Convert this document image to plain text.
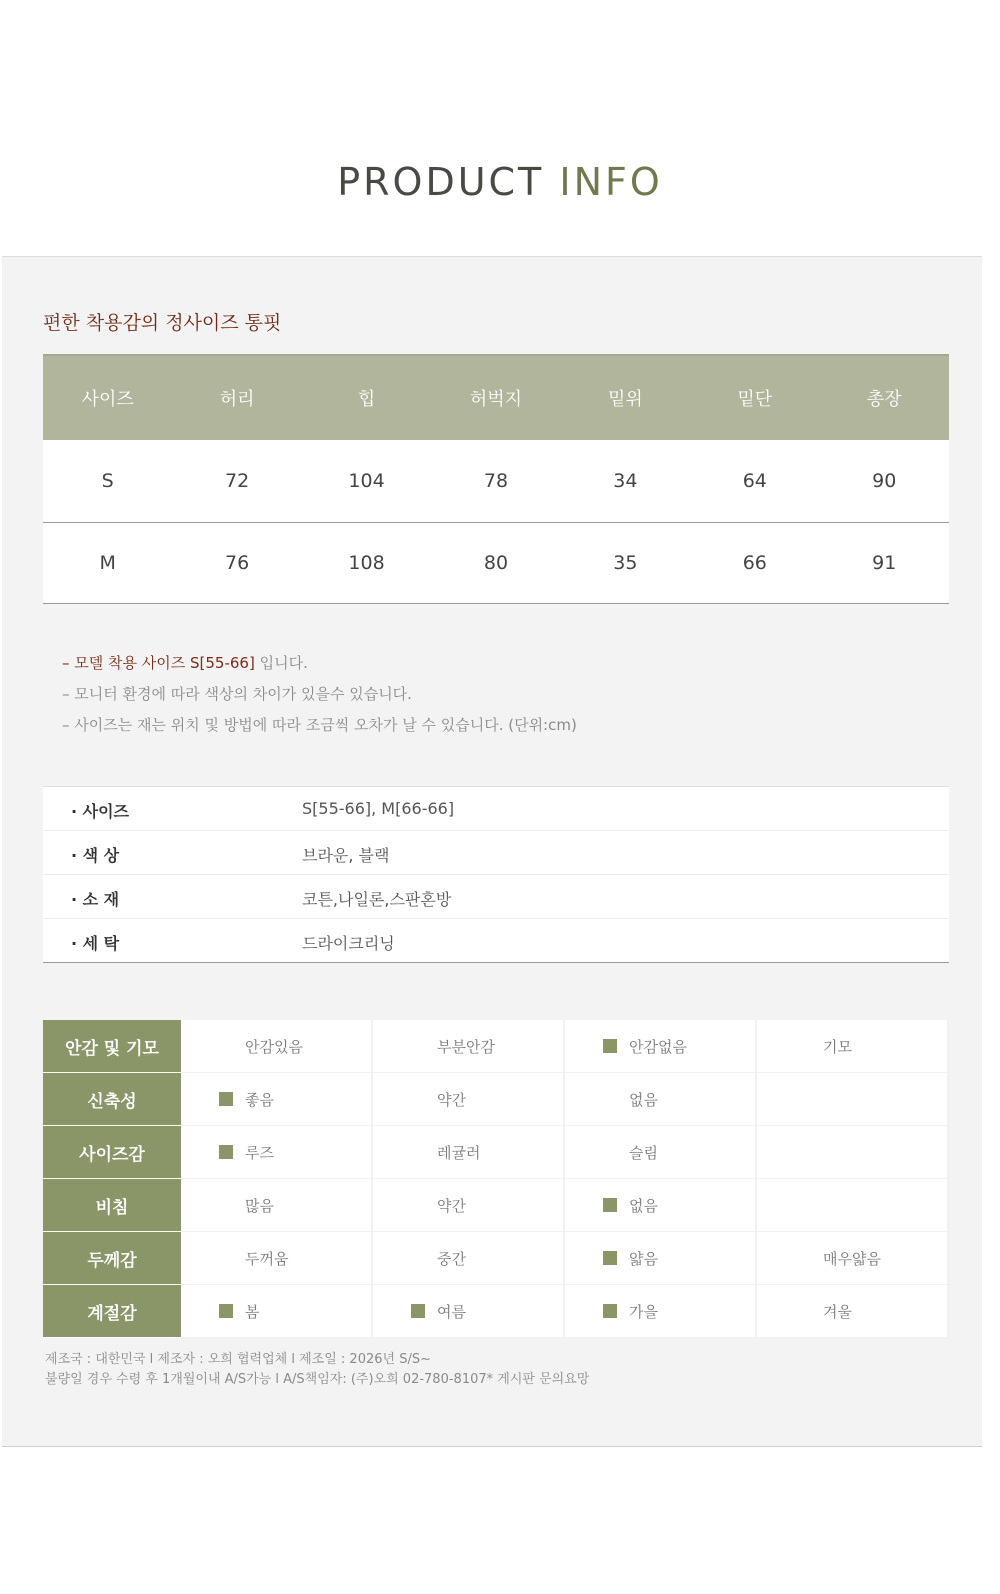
PRODUCT INFO
편한 착용감의 정사이즈 통핏
사이즈	허리	힙	허벅지	밑위	밑단	총장
S	72	104	78	34	64	90
M	76	108	80	35	66	91
– 모델 착용 사이즈 S[55-66] 입니다.
– 모니터 환경에 따라 색상의 차이가 있을수 있습니다.
– 사이즈는 재는 위치 및 방법에 따라 조금씩 오차가 날 수 있습니다. (단위:cm)
· 사이즈	S[55-66], M[66-66]
· 색 상	브라운, 블랙
· 소 재	코튼,나일론,스판혼방
· 세 탁	드라이크리닝
안감 및 기모	안감있음	부분안감	안감없음	기모

신축성	좋음	약간	없음	

사이즈감	루즈	레귤러	슬림	

비침	많음	약간	없음	

두께감	두꺼움	중간	얇음	매우얇음

계절감	봄	여름	가을	겨울
제조국 : 대한민국 l 제조자 : 오희 협력업체 l 제조일 : 2026년 S/S~
불량일 경우 수령 후 1개월이내 A/S가능 l A/S책임자: (주)오희 02-780-8107* 게시판 문의요망
